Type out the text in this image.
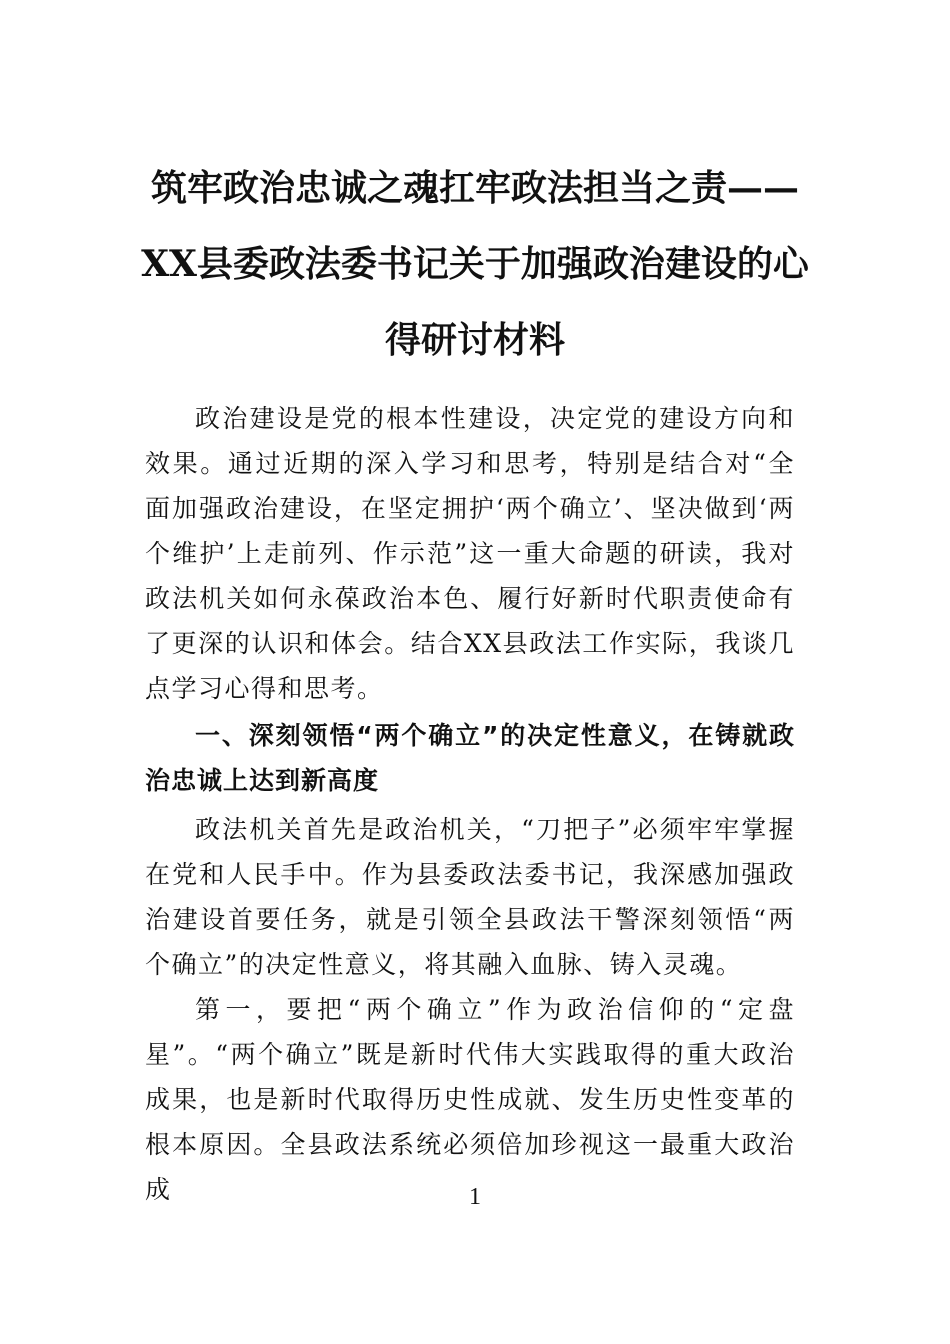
筑牢政治忠诚之魂扛牢政法担当之责——XX县委政法委书记关于加强政治建设的心得研讨材料

政治建设是党的根本性建设，决定党的建设方向和效果。通过近期的深入学习和思考，特别是结合对“全面加强政治建设，在坚定拥护‘两个确立’、坚决做到‘两个维护’上走前列、作示范”这一重大命题的研读，我对政法机关如何永葆政治本色、履行好新时代职责使命有了更深的认识和体会。结合XX县政法工作实际，我谈几点学习心得和思考。

一、深刻领悟“两个确立”的决定性意义，在铸就政治忠诚上达到新高度

政法机关首先是政治机关，“刀把子”必须牢牢掌握在党和人民手中。作为县委政法委书记，我深感加强政治建设首要任务，就是引领全县政法干警深刻领悟“两个确立”的决定性意义，将其融入血脉、铸入灵魂。

第一，要把“两个确立”作为政治信仰的“定盘星”。“两个确立”既是新时代伟大实践取得的重大政治成果，也是新时代取得历史性成就、发生历史性变革的根本原因。全县政法系统必须倍加珍视这一最重大政治成	1
